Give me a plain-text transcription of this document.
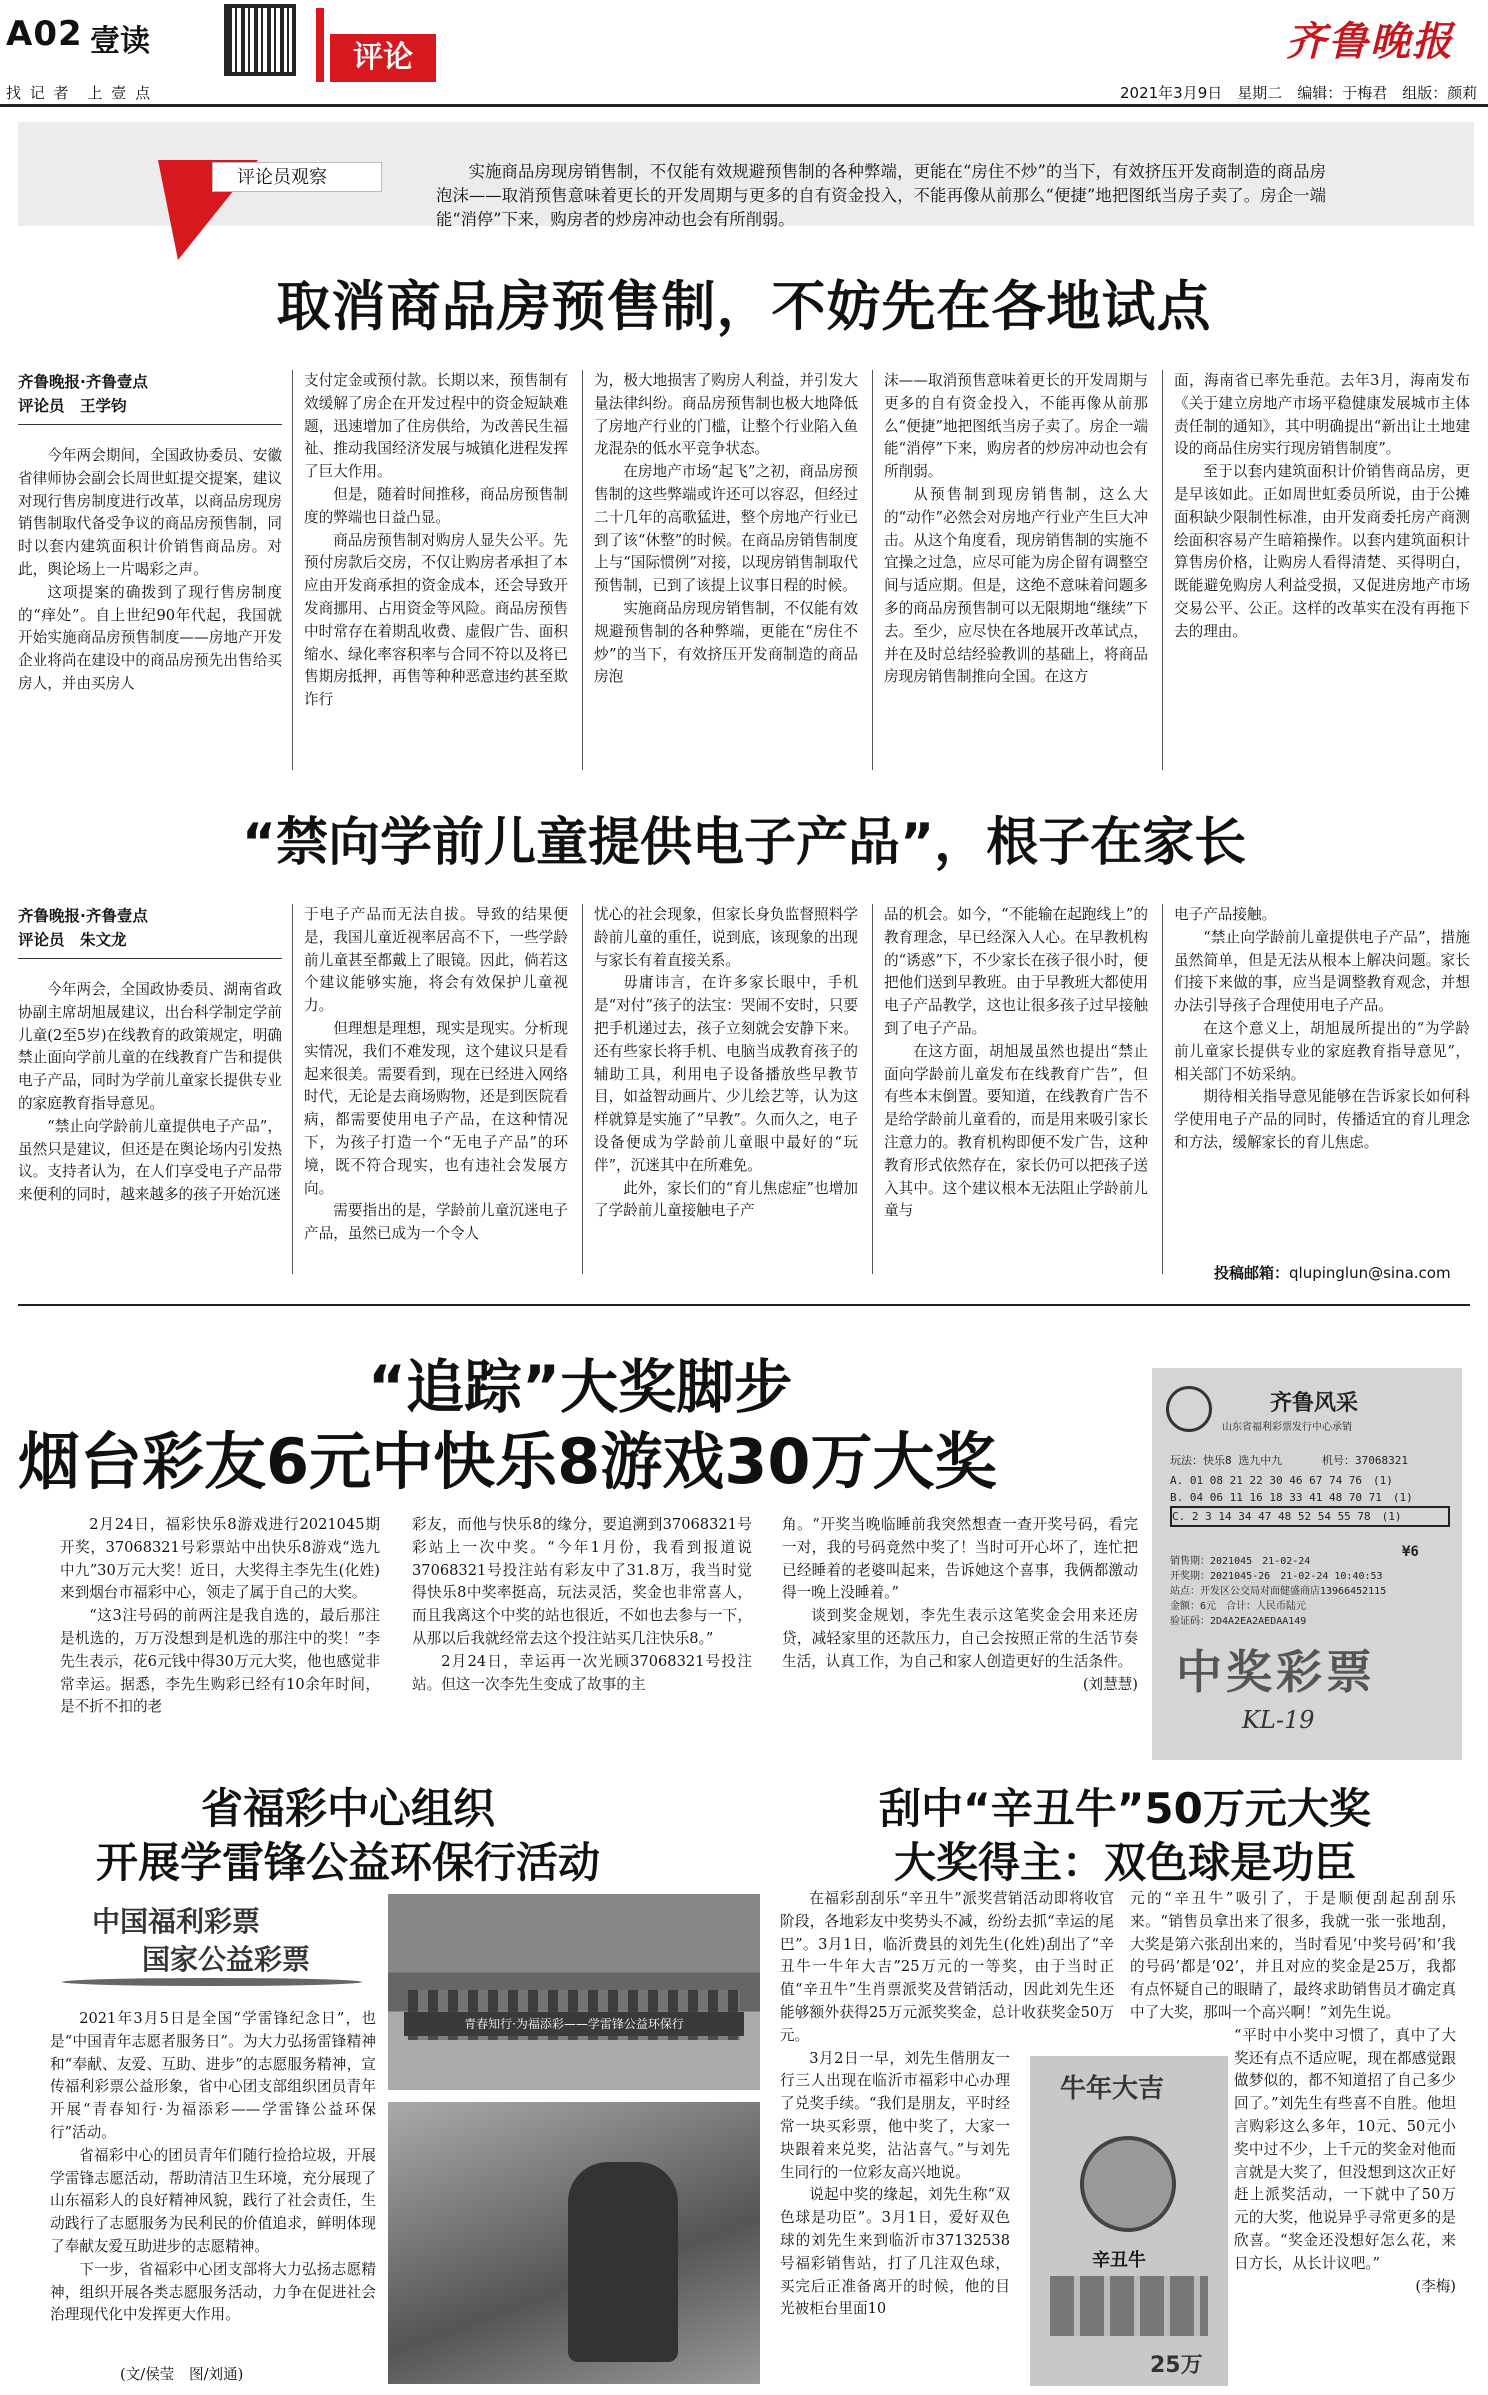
A02 壹读
找 记 者　上 壹 点
评论	齐鲁晚报
2021年3月9日　星期二　编辑：于梅君　组版：颜莉
评论员观察	实施商品房现房销售制，不仅能有效规避预售制的各种弊端，更能在“房住不炒”的当下，有效挤压开发商制造的商品房泡沫——取消预售意味着更长的开发周期与更多的自有资金投入，不能再像从前那么“便捷”地把图纸当房子卖了。房企一端能“消停”下来，购房者的炒房冲动也会有所削弱。
取消商品房预售制，不妨先在各地试点
齐鲁晚报·齐鲁壹点
评论员　王学钧

今年两会期间，全国政协委员、安徽省律师协会副会长周世虹提交提案，建议对现行售房制度进行改革，以商品房现房销售制取代备受争议的商品房预售制，同时以套内建筑面积计价销售商品房。对此，舆论场上一片喝彩之声。

这项提案的确拨到了现行售房制度的“痒处”。自上世纪90年代起，我国就开始实施商品房预售制度——房地产开发企业将尚在建设中的商品房预先出售给买房人，并由买房人

支付定金或预付款。长期以来，预售制有效缓解了房企在开发过程中的资金短缺难题，迅速增加了住房供给，为改善民生福祉、推动我国经济发展与城镇化进程发挥了巨大作用。

但是，随着时间推移，商品房预售制度的弊端也日益凸显。

商品房预售制对购房人显失公平。先预付房款后交房，不仅让购房者承担了本应由开发商承担的资金成本，还会导致开发商挪用、占用资金等风险。商品房预售中时常存在着期乱收费、虚假广告、面积缩水、绿化率容积率与合同不符以及将已售期房抵押，再售等种种恶意违约甚至欺诈行

为，极大地损害了购房人利益，并引发大量法律纠纷。商品房预售制也极大地降低了房地产行业的门槛，让整个行业陷入鱼龙混杂的低水平竞争状态。

在房地产市场“起飞”之初，商品房预售制的这些弊端或许还可以容忍，但经过二十几年的高歌猛进，整个房地产行业已到了该“休整”的时候。在商品房销售制度上与“国际惯例”对接，以现房销售制取代预售制，已到了该提上议事日程的时候。

实施商品房现房销售制，不仅能有效规避预售制的各种弊端，更能在“房住不炒”的当下，有效挤压开发商制造的商品房泡

沫——取消预售意味着更长的开发周期与更多的自有资金投入，不能再像从前那么“便捷”地把图纸当房子卖了。房企一端能“消停”下来，购房者的炒房冲动也会有所削弱。

从预售制到现房销售制，这么大的“动作”必然会对房地产行业产生巨大冲击。从这个角度看，现房销售制的实施不宜操之过急，应尽可能为房企留有调整空间与适应期。但是，这绝不意味着问题多多的商品房预售制可以无限期地“继续”下去。至少，应尽快在各地展开改革试点，并在及时总结经验教训的基础上，将商品房现房销售制推向全国。在这方

面，海南省已率先垂范。去年3月，海南发布《关于建立房地产市场平稳健康发展城市主体责任制的通知》，其中明确提出“新出让土地建设的商品住房实行现房销售制度”。

至于以套内建筑面积计价销售商品房，更是早该如此。正如周世虹委员所说，由于公摊面积缺少限制性标准，由开发商委托房产商测绘面积容易产生暗箱操作。以套内建筑面积计算售房价格，让购房人看得清楚、买得明白，既能避免购房人利益受损，又促进房地产市场交易公平、公正。这样的改革实在没有再拖下去的理由。

“禁向学前儿童提供电子产品”，根子在家长
齐鲁晚报·齐鲁壹点
评论员　朱文龙

今年两会，全国政协委员、湖南省政协副主席胡旭晟建议，出台科学制定学前儿童(2至5岁)在线教育的政策规定，明确禁止面向学前儿童的在线教育广告和提供电子产品，同时为学前儿童家长提供专业的家庭教育指导意见。

“禁止向学龄前儿童提供电子产品”，虽然只是建议，但还是在舆论场内引发热议。支持者认为，在人们享受电子产品带来便利的同时，越来越多的孩子开始沉迷

于电子产品而无法自拔。导致的结果便是，我国儿童近视率居高不下，一些学龄前儿童甚至都戴上了眼镜。因此，倘若这个建议能够实施，将会有效保护儿童视力。

但理想是理想，现实是现实。分析现实情况，我们不难发现，这个建议只是看起来很美。需要看到，现在已经进入网络时代，无论是去商场购物，还是到医院看病，都需要使用电子产品，在这种情况下，为孩子打造一个“无电子产品”的环境，既不符合现实，也有违社会发展方向。

需要指出的是，学龄前儿童沉迷电子产品，虽然已成为一个令人

忧心的社会现象，但家长身负监督照料学龄前儿童的重任，说到底，该现象的出现与家长有着直接关系。

毋庸讳言，在许多家长眼中，手机是“对付”孩子的法宝：哭闹不安时，只要把手机递过去，孩子立刻就会安静下来。还有些家长将手机、电脑当成教育孩子的辅助工具，利用电子设备播放些早教节目，如益智动画片、少儿绘艺等，认为这样就算是实施了“早教”。久而久之，电子设备便成为学龄前儿童眼中最好的“玩伴”，沉迷其中在所难免。

此外，家长们的“育儿焦虑症”也增加了学龄前儿童接触电子产

品的机会。如今，“不能输在起跑线上”的教育理念，早已经深入人心。在早教机构的“诱惑”下，不少家长在孩子很小时，便把他们送到早教班。由于早教班大都使用电子产品教学，这也让很多孩子过早接触到了电子产品。

在这方面，胡旭晟虽然也提出“禁止面向学龄前儿童发布在线教育广告”，但有些本末倒置。要知道，在线教育广告不是给学龄前儿童看的，而是用来吸引家长注意力的。教育机构即便不发广告，这种教育形式依然存在，家长仍可以把孩子送入其中。这个建议根本无法阻止学龄前儿童与

电子产品接触。

“禁止向学龄前儿童提供电子产品”，措施虽然简单，但是无法从根本上解决问题。家长们接下来做的事，应当是调整教育观念，并想办法引导孩子合理使用电子产品。

在这个意义上，胡旭晟所提出的“为学龄前儿童家长提供专业的家庭教育指导意见”，相关部门不妨采纳。

期待相关指导意见能够在告诉家长如何科学使用电子产品的同时，传播适宜的育儿理念和方法，缓解家长的育儿焦虑。

投稿邮箱：qlupinglun@sina.com
“追踪”大奖脚步
烟台彩友6元中快乐8游戏30万大奖

2月24日，福彩快乐8游戏进行2021045期开奖，37068321号彩票站中出快乐8游戏“选九中九”30万元大奖！近日，大奖得主李先生(化姓)来到烟台市福彩中心，领走了属于自己的大奖。

“这3注号码的前两注是我自选的，最后那注是机选的，万万没想到是机选的那注中的奖！”李先生表示，花6元钱中得30万元大奖，他也感觉非常幸运。据悉，李先生购彩已经有10余年时间，是不折不扣的老

彩友，而他与快乐8的缘分，要追溯到37068321号彩站上一次中奖。“今年1月份，我看到报道说37068321号投注站有彩友中了31.8万，我当时觉得快乐8中奖率挺高，玩法灵活，奖金也非常喜人，而且我离这个中奖的站也很近，不如也去参与一下，从那以后我就经常去这个投注站买几注快乐8。”

2月24日，幸运再一次光顾37068321号投注站。但这一次李先生变成了故事的主

角。“开奖当晚临睡前我突然想查一查开奖号码，看完一对，我的号码竟然中奖了！当时可开心坏了，连忙把已经睡着的老婆叫起来，告诉她这个喜事，我俩都激动得一晚上没睡着。”

谈到奖金规划，李先生表示这笔奖金会用来还房贷，减轻家里的还款压力，自己会按照正常的生活节奏生活，认真工作，为自己和家人创造更好的生活条件。

(刘慧慧)

齐鲁风采
山东省福利彩票发行中心承销
玩法：快乐8 选九中九	机号：37068321
A. 01 08 21 22 30 46 67 74 76　(1)
B. 04 06 11 16 18 33 41 48 70 71　(1)
C. 2 3 14 34 47 48 52 54 55 78　(1)
¥6
销售期：2021045　21-02-24
开奖期：2021045-26　21-02-24 10:40:53
站点：开发区公交局对面健盛商店13966452115
金额：6元　合计：人民币陆元
验证码：2D4A2EA2AEDAA149
中奖彩票
KL-19
省福彩中心组织
开展学雷锋公益环保行活动
中国福利彩票
国家公益彩票

2021年3月5日是全国“学雷锋纪念日”，也是“中国青年志愿者服务日”。为大力弘扬雷锋精神和“奉献、友爱、互助、进步”的志愿服务精神，宣传福利彩票公益形象，省中心团支部组织团员青年开展“青春知行·为福添彩——学雷锋公益环保行”活动。

省福彩中心的团员青年们随行捡拾垃圾，开展学雷锋志愿活动，帮助清洁卫生环境，充分展现了山东福彩人的良好精神风貌，践行了社会责任，生动践行了志愿服务为民利民的价值追求，鲜明体现了奉献友爱互助进步的志愿精神。

下一步，省福彩中心团支部将大力弘扬志愿精神，组织开展各类志愿服务活动，力争在促进社会治理现代化中发挥更大作用。

(文/侯莹　图/刘通)
青春知行·为福添彩——学雷锋公益环保行
刮中“辛丑牛”50万元大奖
大奖得主：双色球是功臣

在福彩刮刮乐“辛丑牛”派奖营销活动即将收官阶段，各地彩友中奖势头不减，纷纷去抓“幸运的尾巴”。3月1日，临沂费县的刘先生(化姓)刮出了“辛丑牛一牛年大吉”25万元的一等奖，由于当时正值“辛丑牛”生肖票派奖及营销活动，因此刘先生还能够额外获得25万元派奖奖金，总计收获奖金50万元。

3月2日一早，刘先生偕朋友一行三人出现在临沂市福彩中心办理了兑奖手续。“我们是朋友，平时经常一块买彩票，他中奖了，大家一块跟着来兑奖，沾沾喜气。”与刘先生同行的一位彩友高兴地说。

说起中奖的缘起，刘先生称“双色球是功臣”。3月1日，爱好双色球的刘先生来到临沂市37132538号福彩销售站，打了几注双色球，买完后正准备离开的时候，他的目光被柜台里面10

元的“辛丑牛”吸引了，于是顺便刮起刮刮乐来。“销售员拿出来了很多，我就一张一张地刮，大奖是第六张刮出来的，当时看见‘中奖号码’和‘我的号码’都是‘02’，并且对应的奖金是25万，我都有点怀疑自己的眼睛了，最终求助销售员才确定真中了大奖，那叫一个高兴啊！”刘先生说。

“平时中小奖中习惯了，真中了大奖还有点不适应呢，现在都感觉跟做梦似的，都不知道招了自己多少回了。”刘先生有些喜不自胜。他坦言购彩这么多年，10元、50元小奖中过不少，上千元的奖金对他而言就是大奖了，但没想到这次正好赶上派奖活动，一下就中了50万元的大奖，他说异乎寻常更多的是欣喜。“奖金还没想好怎么花，来日方长，从长计议吧。”

(李梅)

牛年大吉
辛丑牛
25万
